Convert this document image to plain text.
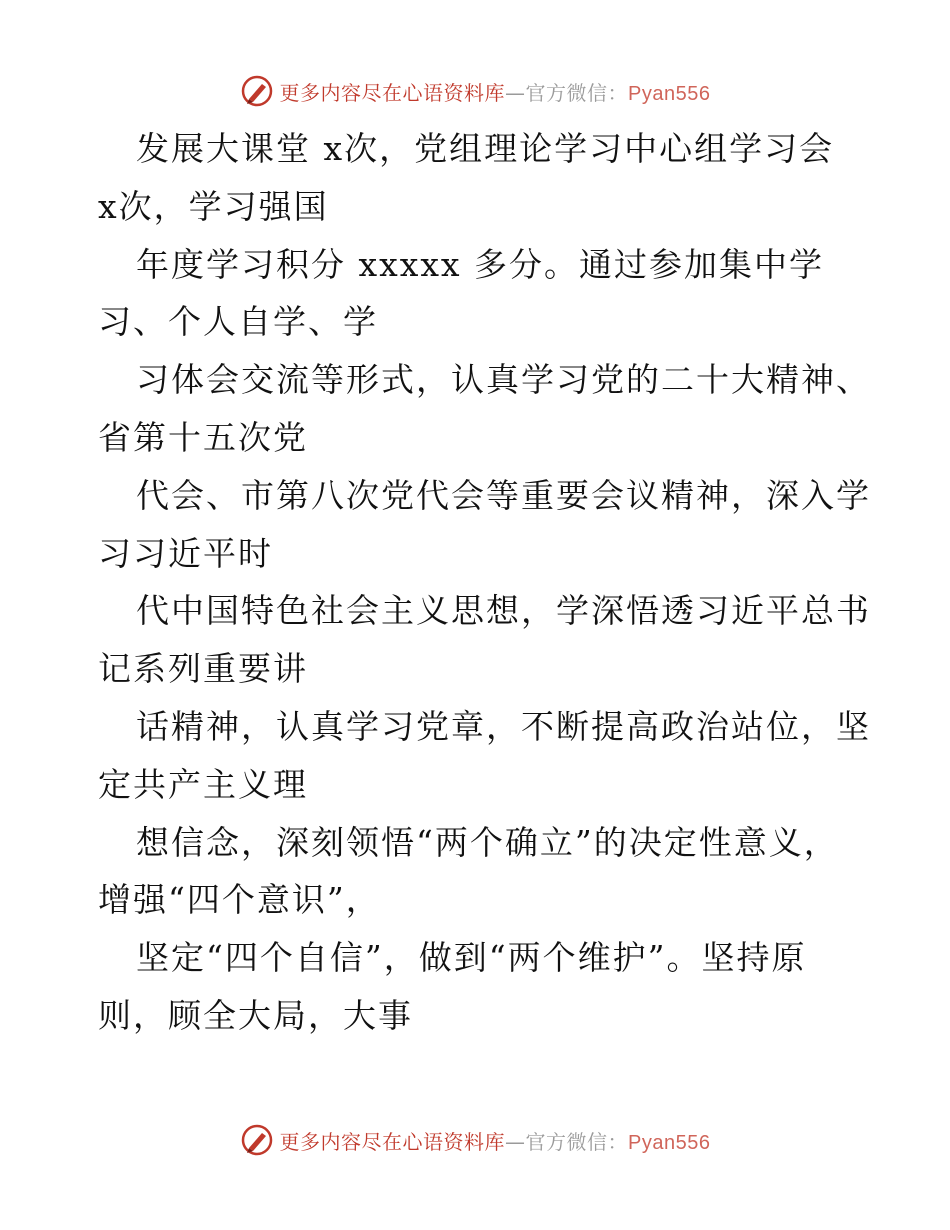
更多内容尽在心语资料库—官方微信：Pyan556
发展大课堂 x次，党组理论学习中心组学习会
x次，学习强国
年度学习积分 xxxxx 多分。通过参加集中学
习、个人自学、学
习体会交流等形式，认真学习党的二十大精神、
省第十五次党
代会、市第八次党代会等重要会议精神，深入学
习习近平时
代中国特色社会主义思想，学深悟透习近平总书
记系列重要讲
话精神，认真学习党章，不断提高政治站位，坚
定共产主义理
想信念，深刻领悟“两个确立”的决定性意义，
增强“四个意识”，
坚定“四个自信”，做到“两个维护”。坚持原
则，顾全大局，大事
更多内容尽在心语资料库—官方微信：Pyan556
